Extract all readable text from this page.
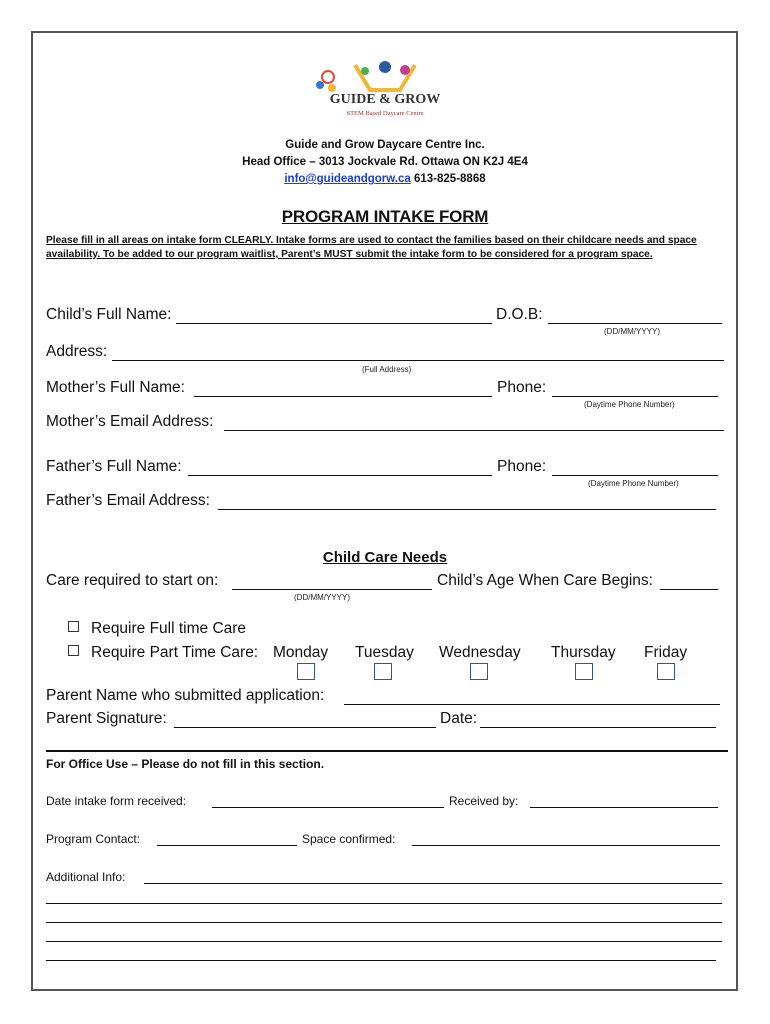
GUIDE & GROW
STEM Based Daycare Centre
Guide and Grow Daycare Centre Inc.
Head Office – 3013 Jockvale Rd. Ottawa ON K2J 4E4
info@guideandgorw.ca 613-825-8868
PROGRAM INTAKE FORM
Please fill in all areas on intake form CLEARLY. Intake forms are used to contact the families based on their childcare needs and space availability. To be added to our program waitlist, Parent’s MUST submit the intake form to be considered for a program space.
Child’s Full Name:	D.O.B:
(DD/MM/YYYY)
Address:
(Full Address)
Mother’s Full Name:	Phone:
(Daytime Phone Number)
Mother’s Email Address:
Father’s Full Name:	Phone:
(Daytime Phone Number)
Father’s Email Address:
Child Care Needs
Care required to start on:
(DD/MM/YYYY)
Child’s Age When Care Begins:
Require Full time Care
Require Part Time Care: Monday Tuesday Wednesday Thursday Friday
Parent Name who submitted application:
Parent Signature:	Date:
For Office Use – Please do not fill in this section.
Date intake form received:	Received by:
Program Contact:	Space confirmed:
Additional Info:
